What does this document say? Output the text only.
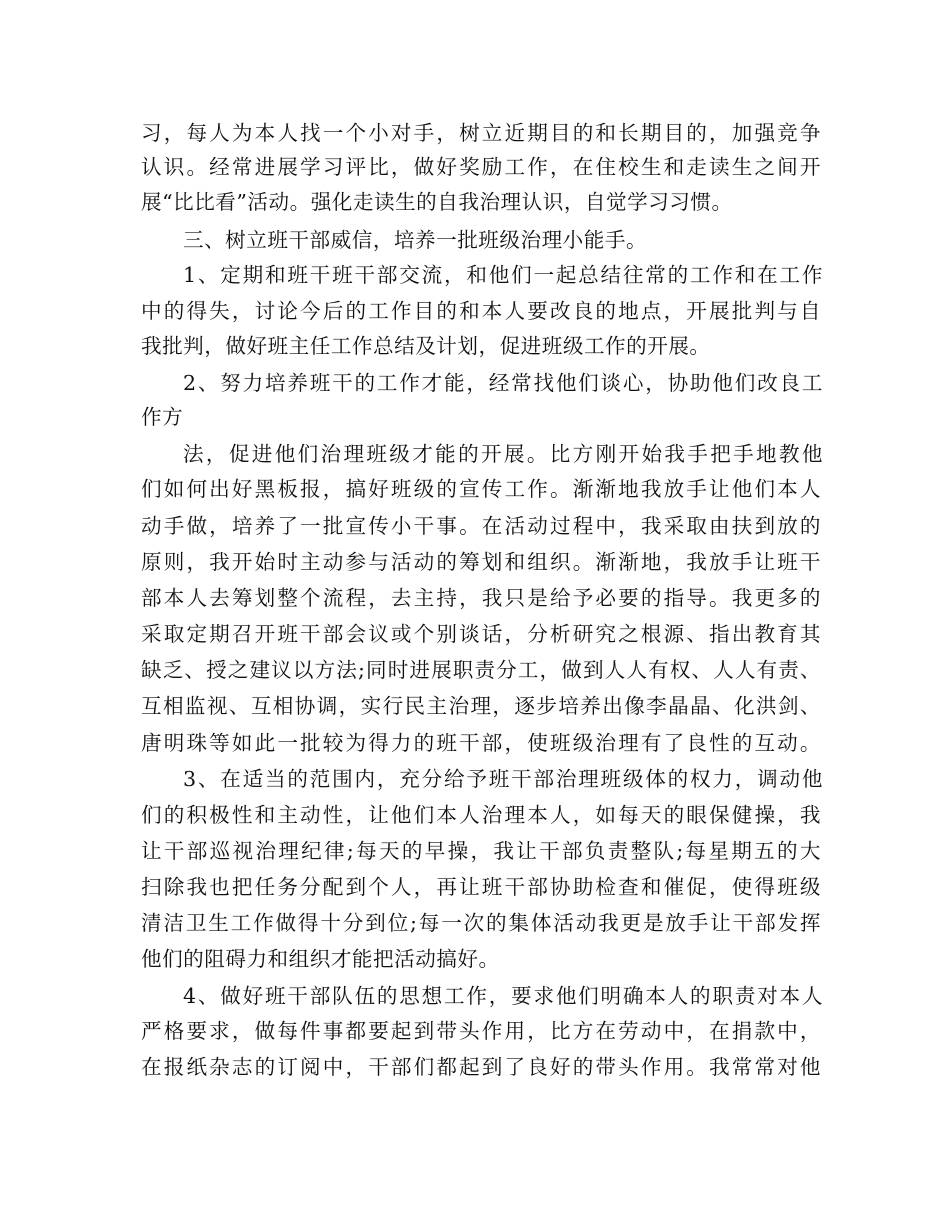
习，每人为本人找一个小对手，树立近期目的和长期目的，加强竞争
认识。经常进展学习评比，做好奖励工作，在住校生和走读生之间开
展“比比看”活动。强化走读生的自我治理认识，自觉学习习惯。
三、树立班干部威信，培养一批班级治理小能手。
1、定期和班干班干部交流，和他们一起总结往常的工作和在工作
中的得失，讨论今后的工作目的和本人要改良的地点，开展批判与自
我批判，做好班主任工作总结及计划，促进班级工作的开展。
2、努力培养班干的工作才能，经常找他们谈心，协助他们改良工
作方
法，促进他们治理班级才能的开展。比方刚开始我手把手地教他
们如何出好黑板报，搞好班级的宣传工作。渐渐地我放手让他们本人
动手做，培养了一批宣传小干事。在活动过程中，我采取由扶到放的
原则，我开始时主动参与活动的筹划和组织。渐渐地，我放手让班干
部本人去筹划整个流程，去主持，我只是给予必要的指导。我更多的
采取定期召开班干部会议或个别谈话，分析研究之根源、指出教育其
缺乏、授之建议以方法;同时进展职责分工，做到人人有权、人人有责、
互相监视、互相协调，实行民主治理，逐步培养出像李晶晶、化洪剑、
唐明珠等如此一批较为得力的班干部，使班级治理有了良性的互动。
3、在适当的范围内，充分给予班干部治理班级体的权力，调动他
们的积极性和主动性，让他们本人治理本人，如每天的眼保健操，我
让干部巡视治理纪律;每天的早操，我让干部负责整队;每星期五的大
扫除我也把任务分配到个人，再让班干部协助检查和催促，使得班级
清洁卫生工作做得十分到位;每一次的集体活动我更是放手让干部发挥
他们的阻碍力和组织才能把活动搞好。
4、做好班干部队伍的思想工作，要求他们明确本人的职责对本人
严格要求，做每件事都要起到带头作用，比方在劳动中，在捐款中，
在报纸杂志的订阅中，干部们都起到了良好的带头作用。我常常对他
